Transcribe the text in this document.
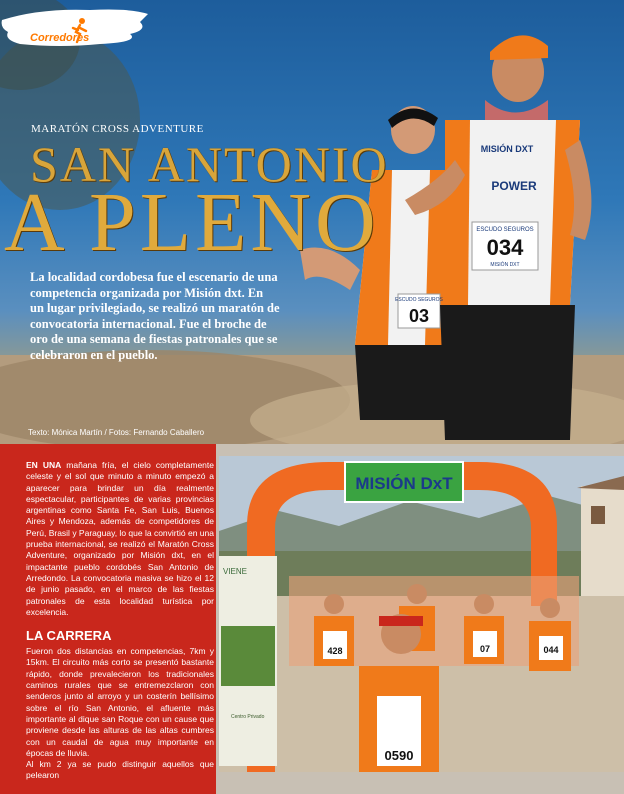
ESCUDO SEGUROS
03
ESCUDO SEGUROS
034
MISIÓN DXT
MISIÓN DXT
POWER
Corredores
MARATÓN CROSS ADVENTURE
SAN ANTONIO
A PLENO
La localidad cordobesa fue el escenario de una competencia organizada por Misión dxt. En un lugar privilegiado, se realizó un maratón de convocatoria internacional. Fue el broche de oro de una semana de fiestas patronales que se celebraron en el pueblo.
Texto: Mónica Martín / Fotos: Fernando Caballero

EN UNA mañana fría, el cielo completamente celeste y el sol que minuto a minuto empezó a aparecer para brindar un día realmente espectacular, participantes de varias provincias argentinas como Santa Fe, San Luis, Buenos Aires y Mendoza, además de competidores de Perú, Brasil y Paraguay, lo que la convirtió en una prueba internacional, se realizó el Maratón Cross Adventure, organizado por Misión dxt, en el impactante pueblo cordobés San Antonio de Arredondo. La convocatoria masiva se hizo el 12 de junio pasado, en el marco de las fiestas patronales de esta localidad turística por excelencia.

LA CARRERA

Fueron dos distancias en competencias, 7km y 15km. El circuito más corto se presentó bastante rápido, donde prevalecieron los tradicionales caminos rurales que se entremezclaron con senderos junto al arroyo y un costerín bellísimo sobre el río San Antonio, el afluente más importante al dique san Roque con un cause que proviene desde las alturas de las altas cumbres con un caudal de agua muy importante en épocas de lluvia.

Al km 2 ya se pudo distinguir aquellos que pelearon

MISIÓN DxT
VIENE
Centro Privado
0590
428	044
07
